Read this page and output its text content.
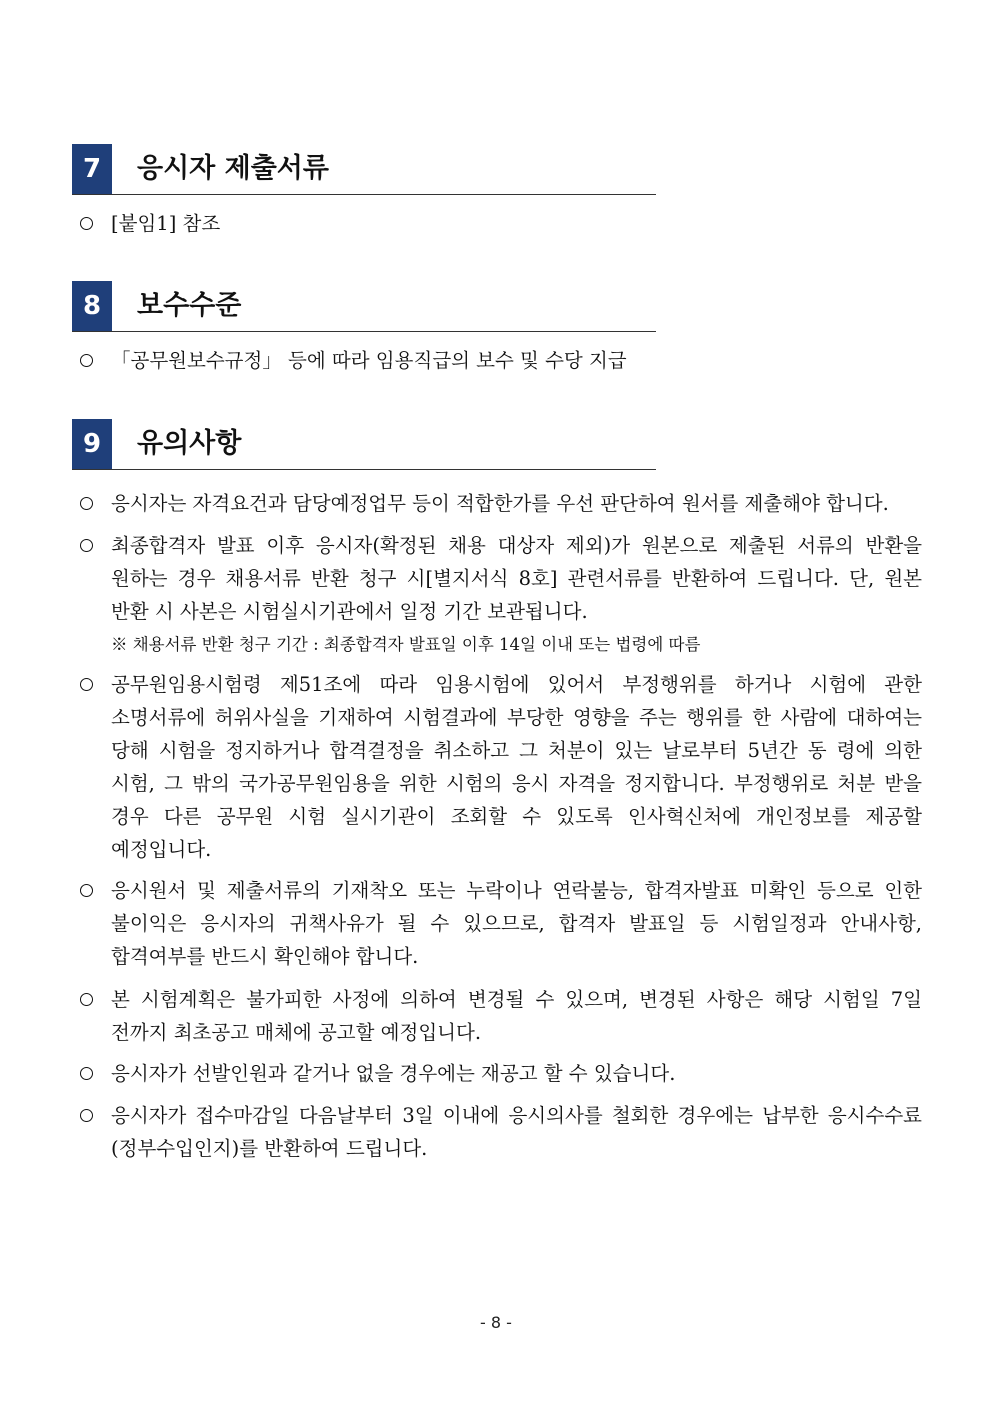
7	응시자 제출서류
[붙임1] 참조
8	보수수준
「공무원보수규정」 등에 따라 임용직급의 보수 및 수당 지급
9	유의사항
응시자는 자격요건과 담당예정업무 등이 적합한가를 우선 판단하여 원서를 제출해야 합니다.
최종합격자 발표 이후 응시자(확정된 채용 대상자 제외)가 원본으로 제출된 서류의 반환을 원하는 경우 채용서류 반환 청구 시[별지서식 8호] 관련서류를 반환하여 드립니다. 단, 원본 반환 시 사본은 시험실시기관에서 일정 기간 보관됩니다.
※ 채용서류 반환 청구 기간 : 최종합격자 발표일 이후 14일 이내 또는 법령에 따름
공무원임용시험령 제51조에 따라 임용시험에 있어서 부정행위를 하거나 시험에 관한 소명서류에 허위사실을 기재하여 시험결과에 부당한 영향을 주는 행위를 한 사람에 대하여는 당해 시험을 정지하거나 합격결정을 취소하고 그 처분이 있는 날로부터 5년간 동 령에 의한 시험, 그 밖의 국가공무원임용을 위한 시험의 응시 자격을 정지합니다. 부정행위로 처분 받을 경우 다른 공무원 시험 실시기관이 조회할 수 있도록 인사혁신처에 개인정보를 제공할 예정입니다.
응시원서 및 제출서류의 기재착오 또는 누락이나 연락불능, 합격자발표 미확인 등으로 인한 불이익은 응시자의 귀책사유가 될 수 있으므로, 합격자 발표일 등 시험일정과 안내사항, 합격여부를 반드시 확인해야 합니다.
본 시험계획은 불가피한 사정에 의하여 변경될 수 있으며, 변경된 사항은 해당 시험일 7일 전까지 최초공고 매체에 공고할 예정입니다.
응시자가 선발인원과 같거나 없을 경우에는 재공고 할 수 있습니다.
응시자가 접수마감일 다음날부터 3일 이내에 응시의사를 철회한 경우에는 납부한 응시수수료(정부수입인지)를 반환하여 드립니다.
- 8 -
